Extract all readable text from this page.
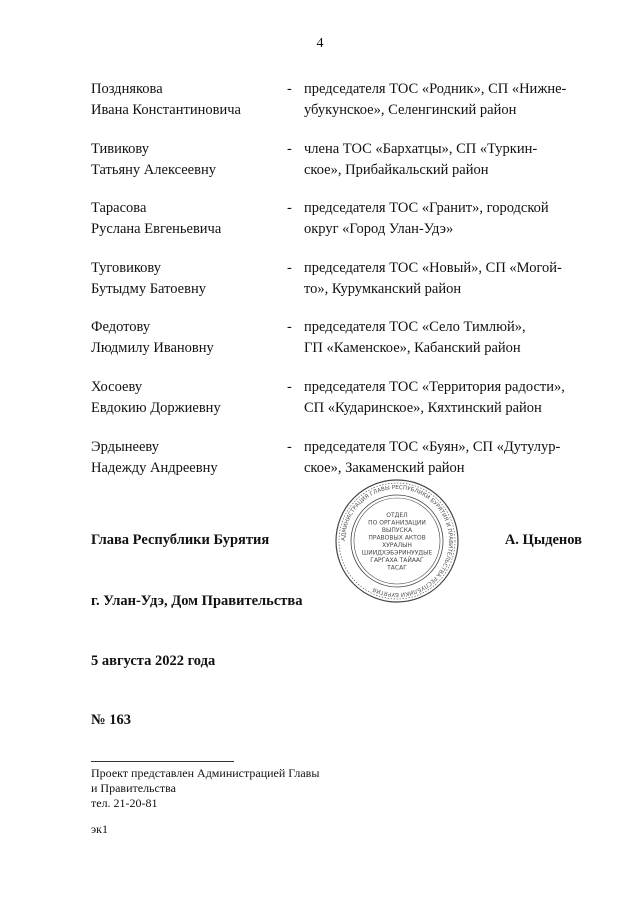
4
Позднякова
Ивана Константиновича
- председателя ТОС «Родник», СП «Нижне-
убукунское», Селенгинский район
Тивикову
Татьяну Алексеевну
- члена ТОС «Бархатцы», СП «Туркин-
ское», Прибайкальский район
Тарасова
Руслана Евгеньевича
- председателя ТОС «Гранит», городской
округ «Город Улан-Удэ»
Туговикову
Бутыдму Батоевну
- председателя ТОС «Новый», СП «Могой-
то», Курумканский район
Федотову
Людмилу Ивановну
- председателя ТОС «Село Тимлюй»,
ГП «Каменское», Кабанский район
Хосоеву
Евдокию Доржиевну
- председателя ТОС «Территория радости»,
СП «Кударинское», Кяхтинский район
Эрдынееву
Надежду Андреевну
- председателя ТОС «Буян», СП «Дутулур-
ское», Закаменский район
АДМИНИСТРАЦИЯ ГЛАВЫ РЕСПУБЛИКИ БУРЯТИЯ И ПРАВИТЕЛЬСТВА РЕСПУБЛИКИ БУРЯТИЯ
ОТДЕЛ
ПО ОРГАНИЗАЦИИ
ВЫПУСКА
ПРАВОВЫХ АКТОВ
ХУРАЛЫН
ШИИДХЭБЭРИНУУДЫЕ
ГАРГАХА ТАЙААГ
ТАСАГ
Глава Республики Бурятия	А. Цыденов
г. Улан-Удэ, Дом Правительства
5 августа 2022 года
№ 163
Проект представлен Администрацией Главы
и Правительства
тел. 21-20-81
эк1
